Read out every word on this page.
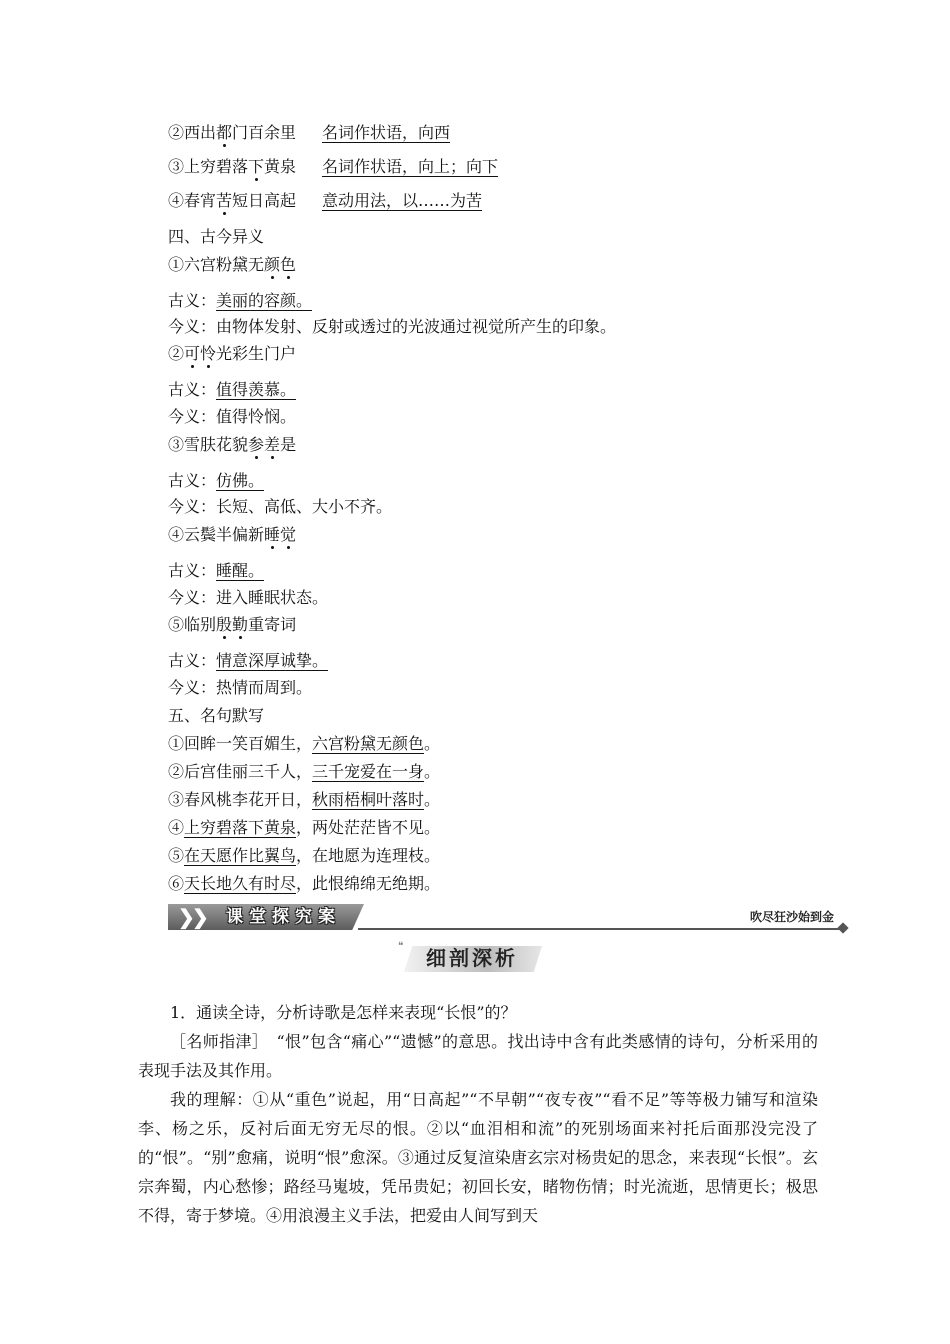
②西出都门百余里 名词作状语，向西
③上穷碧落下黄泉 名词作状语，向上；向下
④春宵苦短日高起 意动用法，以……为苦
四、古今异义
①六宫粉黛无颜色
古义：美丽的容颜。
今义：由物体发射、反射或透过的光波通过视觉所产生的印象。
②可怜光彩生门户
古义：值得羡慕。
今义：值得怜悯。
③雪肤花貌参差是
古义：仿佛。
今义：长短、高低、大小不齐。
④云鬓半偏新睡觉
古义：睡醒。
今义：进入睡眠状态。
⑤临别殷勤重寄词
古义：情意深厚诚挚。
今义：热情而周到。
五、名句默写
①回眸一笑百媚生，六宫粉黛无颜色。
②后宫佳丽三千人，三千宠爱在一身。
③春风桃李花开日，秋雨梧桐叶落时。
④上穷碧落下黄泉，两处茫茫皆不见。
⑤在天愿作比翼鸟，在地愿为连理枝。
⑥天长地久有时尽，此恨绵绵无绝期。
❯
❯ 课堂探究案	吹尽狂沙始到金
❝ 细剖深析
1．通读全诗，分析诗歌是怎样来表现“长恨”的？
［名师指津］　“恨”包含“痛心”“遗憾”的意思。找出诗中含有此类感情的诗句，分析采用的表现手法及其作用。
我的理解：①从“重色”说起，用“日高起”“不早朝”“夜专夜”“看不足”等等极力铺写和渲染李、杨之乐，反衬后面无穷无尽的恨。②以“血泪相和流”的死别场面来衬托后面那没完没了的“恨”。“别”愈痛，说明“恨”愈深。③通过反复渲染唐玄宗对杨贵妃的思念，来表现“长恨”。玄宗奔蜀，内心愁惨；路经马嵬坡，凭吊贵妃；初回长安，睹物伤情；时光流逝，思情更长；极思不得，寄于梦境。④用浪漫主义手法，把爱由人间写到天
